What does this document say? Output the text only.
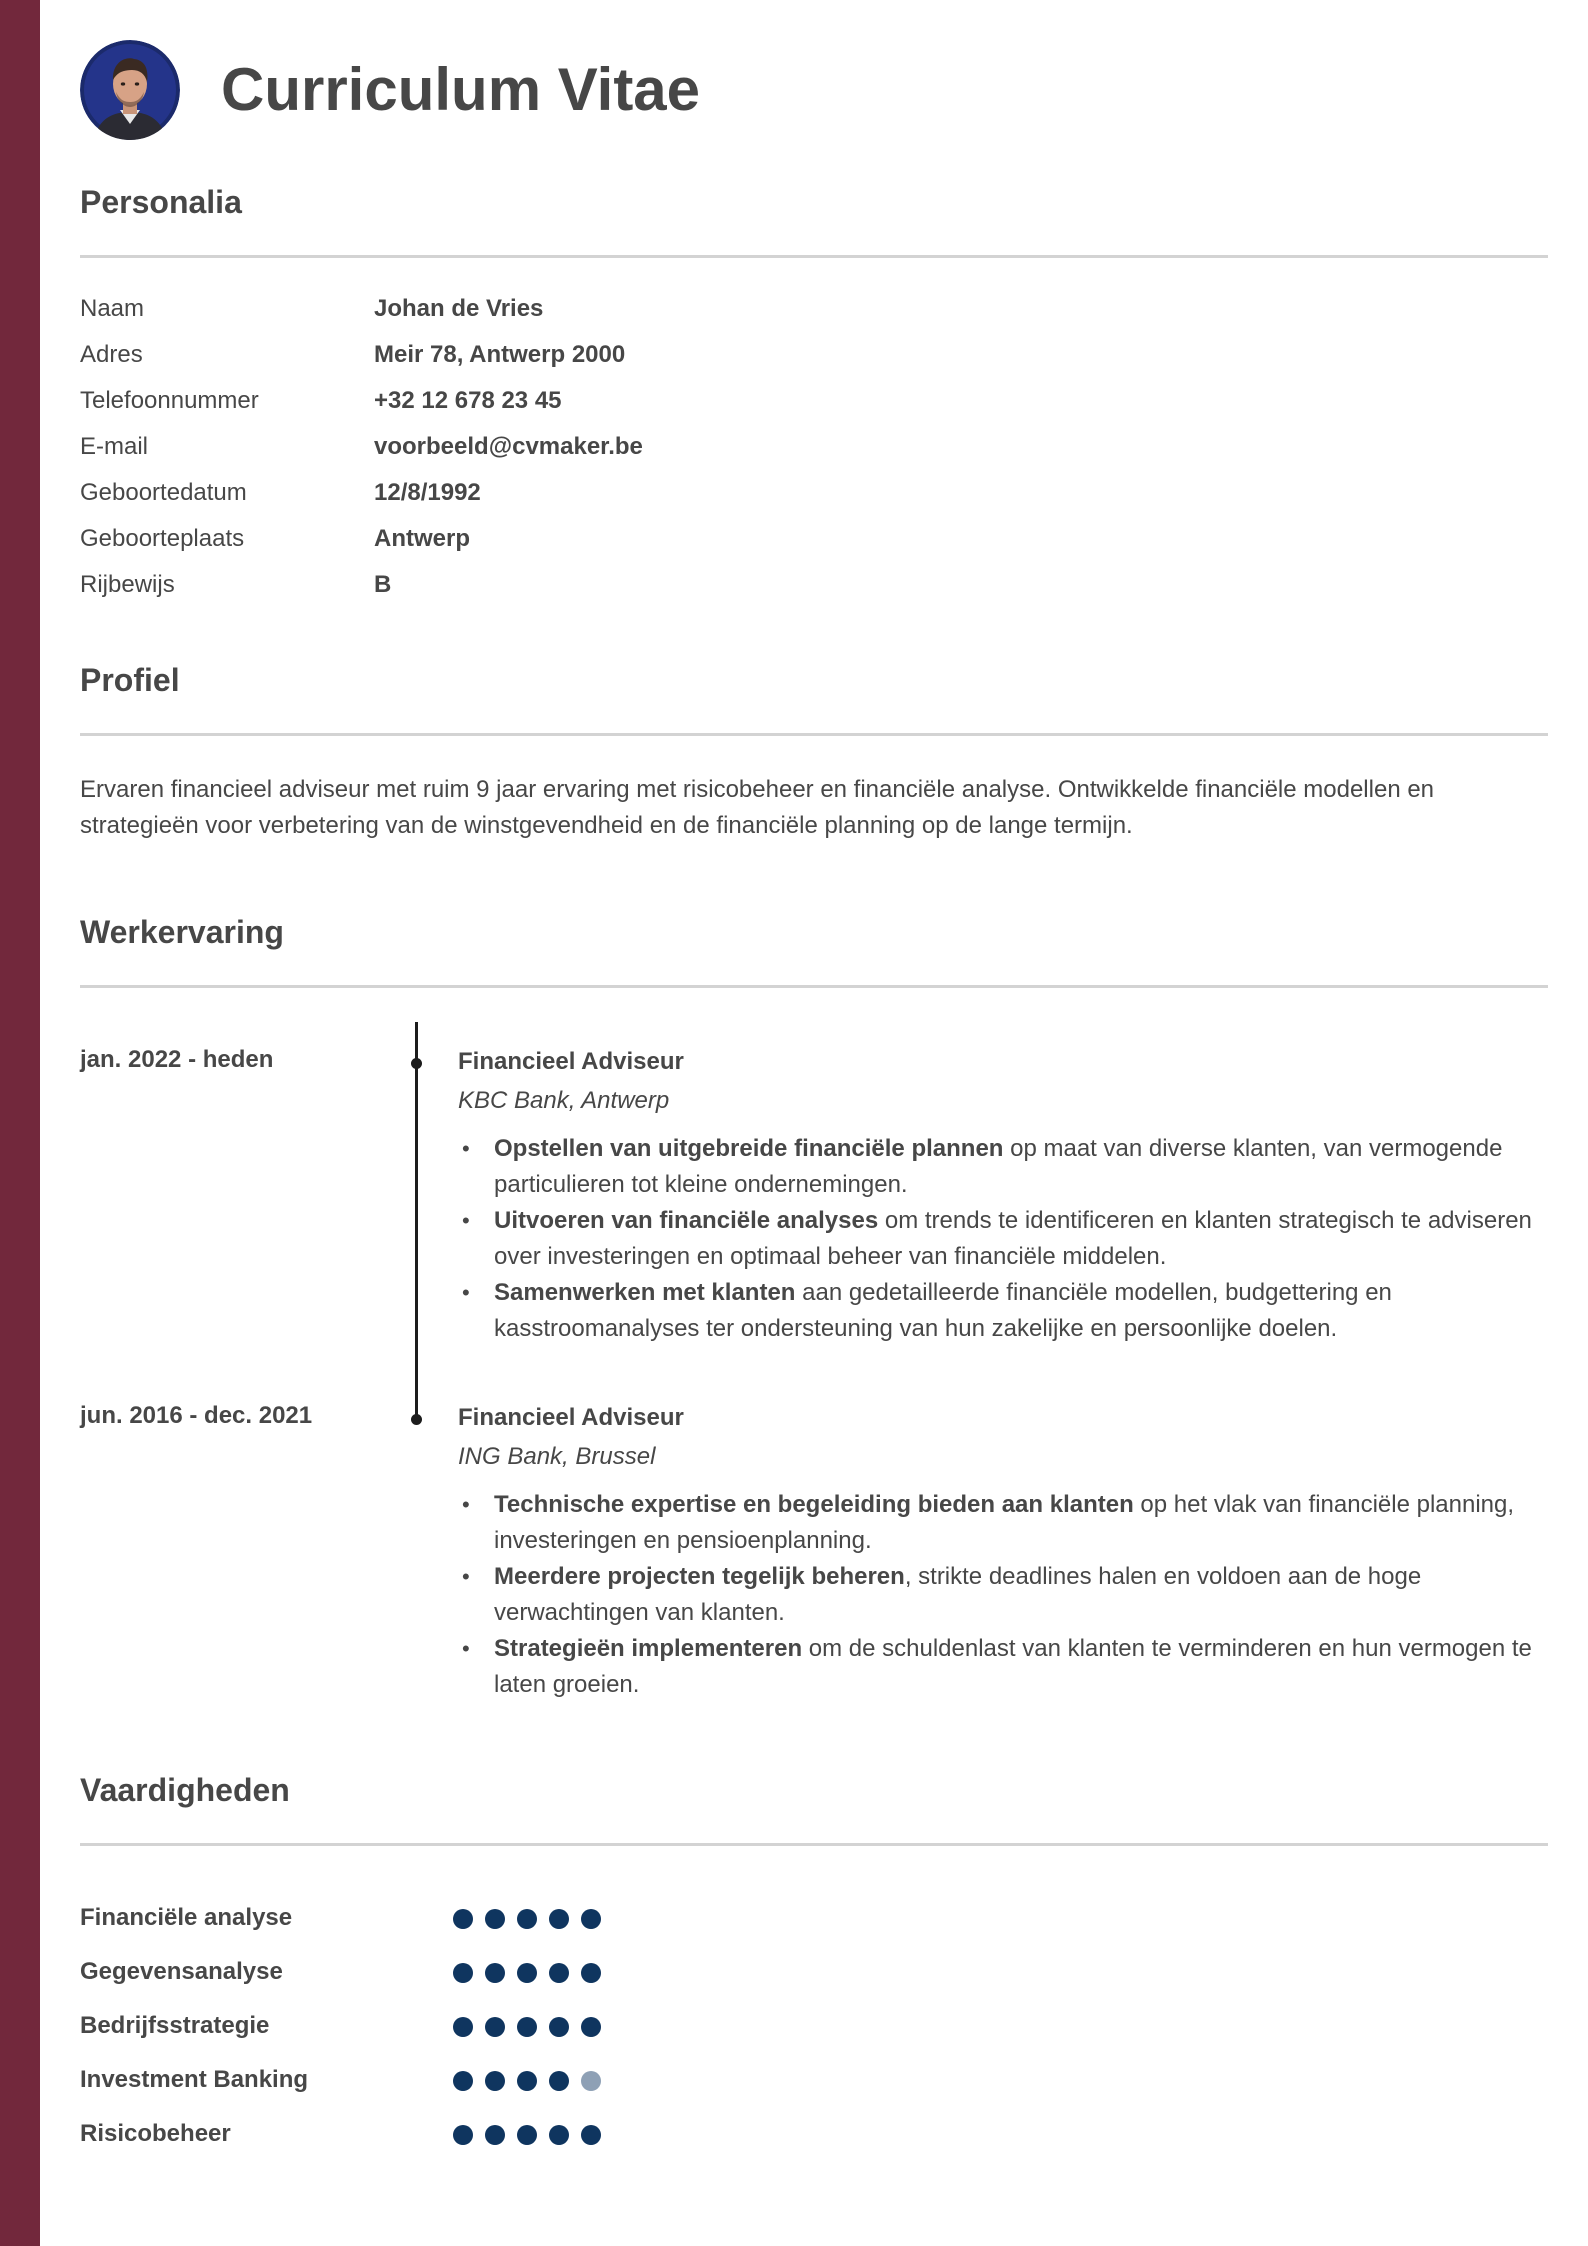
Curriculum Vitae
Personalia
Naam	Johan de Vries
Adres	Meir 78, Antwerp 2000
Telefoonnummer	+32 12 678 23 45
E-mail	voorbeeld@cvmaker.be
Geboortedatum	12/8/1992
Geboorteplaats	Antwerp
Rijbewijs	B
Profiel

Ervaren financieel adviseur met ruim 9 jaar ervaring met risicobeheer en financiële analyse. Ontwikkelde financiële modellen en strategieën voor verbetering van de winstgevendheid en de financiële planning op de lange termijn.

Werkervaring
jan. 2022 - heden	Financieel Adviseur
KBC Bank, Antwerp
• Opstellen van uitgebreide financiële plannen op maat van diverse klanten, van vermogende particulieren tot kleine ondernemingen.
• Uitvoeren van financiële analyses om trends te identificeren en klanten strategisch te adviseren over investeringen en optimaal beheer van financiële middelen.
• Samenwerken met klanten aan gedetailleerde financiële modellen, budgettering en kasstroomanalyses ter ondersteuning van hun zakelijke en persoonlijke doelen.
jun. 2016 - dec. 2021	Financieel Adviseur
ING Bank, Brussel
• Technische expertise en begeleiding bieden aan klanten op het vlak van financiële planning, investeringen en pensioenplanning.
• Meerdere projecten tegelijk beheren, strikte deadlines halen en voldoen aan de hoge verwachtingen van klanten.
• Strategieën implementeren om de schuldenlast van klanten te verminderen en hun vermogen te laten groeien.
Vaardigheden
Financiële analyse
Gegevensanalyse
Bedrijfsstrategie
Investment Banking
Risicobeheer
